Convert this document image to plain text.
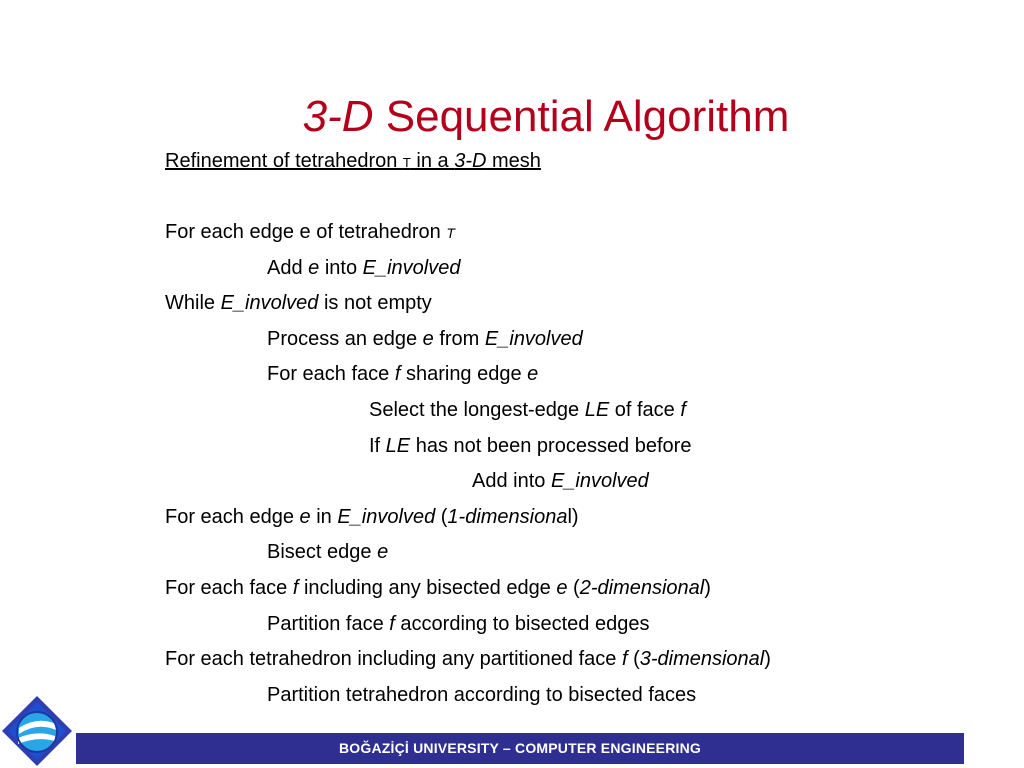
3-D Sequential Algorithm
Refinement of tetrahedron T in a 3-D mesh
For each edge e of tetrahedron T
Add e into E_involved
While E_involved is not empty
Process an edge e from E_involved
For each face f sharing edge e
Select the longest-edge LE of face f
If LE has not been processed before
Add into E_involved
For each edge e in E_involved (1-dimensional)
Bisect edge e
For each face f including any bisected edge e (2-dimensional)
Partition face f according to bisected edges
For each tetrahedron including any partitioned face f (3-dimensional)
Partition tetrahedron according to bisected faces
BOĞAZİÇİ UNIVERSITY – COMPUTER ENGINEERING
